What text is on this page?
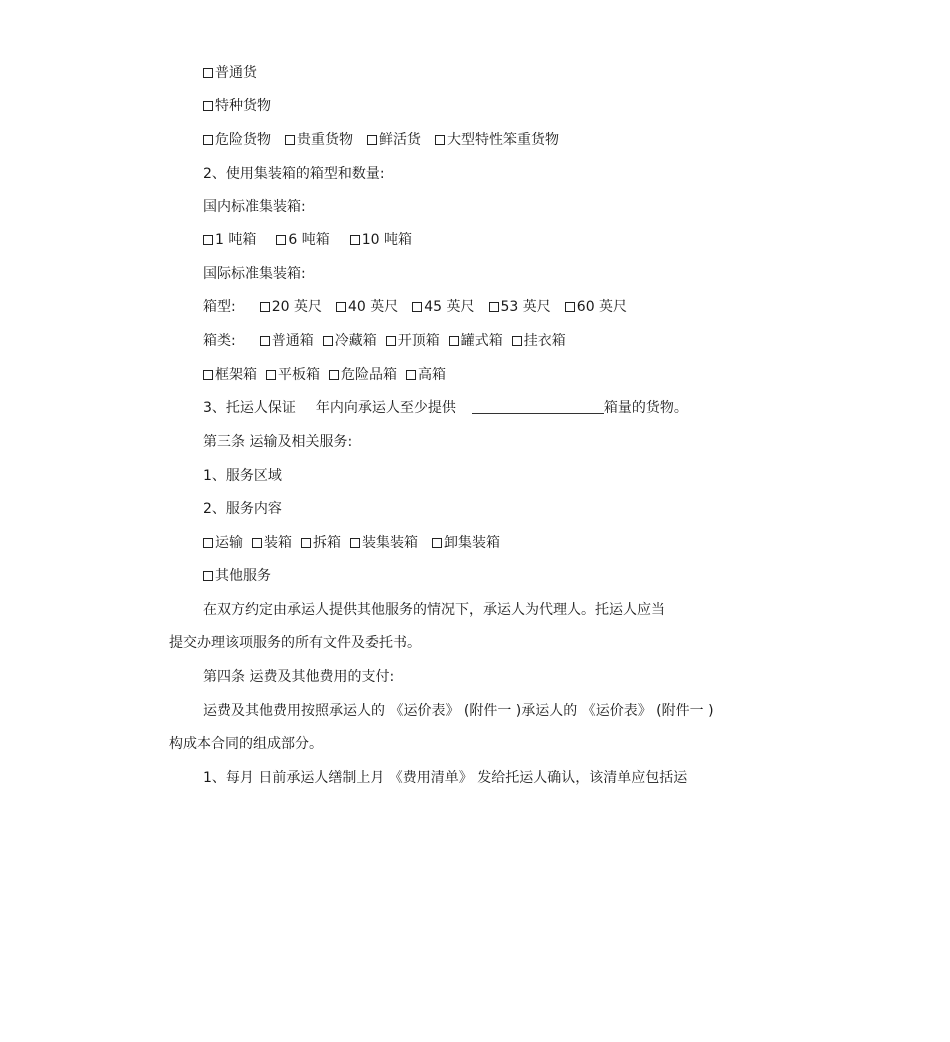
普通货
特种货物
危险货物 贵重货物 鲜活货 大型特性笨重货物
2、使用集装箱的箱型和数量:
国内标准集装箱:
1 吨箱 6 吨箱 10 吨箱
国际标准集装箱:
箱型:	20 英尺 40 英尺 45 英尺 53 英尺 60 英尺
箱类:	普通箱 冷藏箱 开顶箱 罐式箱 挂衣箱
框架箱 平板箱 危险品箱 高箱
3、托运人保证 年内向承运人至少提供	箱量的货物。
第三条 运输及相关服务:
1、服务区域
2、服务内容
运输 装箱 拆箱 装集装箱 卸集装箱
其他服务
在双方约定由承运人提供其他服务的情况下，承运人为代理人。托运人应当
提交办理该项服务的所有文件及委托书。
第四条 运费及其他费用的支付:
运费及其他费用按照承运人的 《运价表》 (附件一 )承运人的 《运价表》 (附件一 )
构成本合同的组成部分。
1、每月 日前承运人缮制上月 《费用清单》 发给托运人确认，该清单应包括运
